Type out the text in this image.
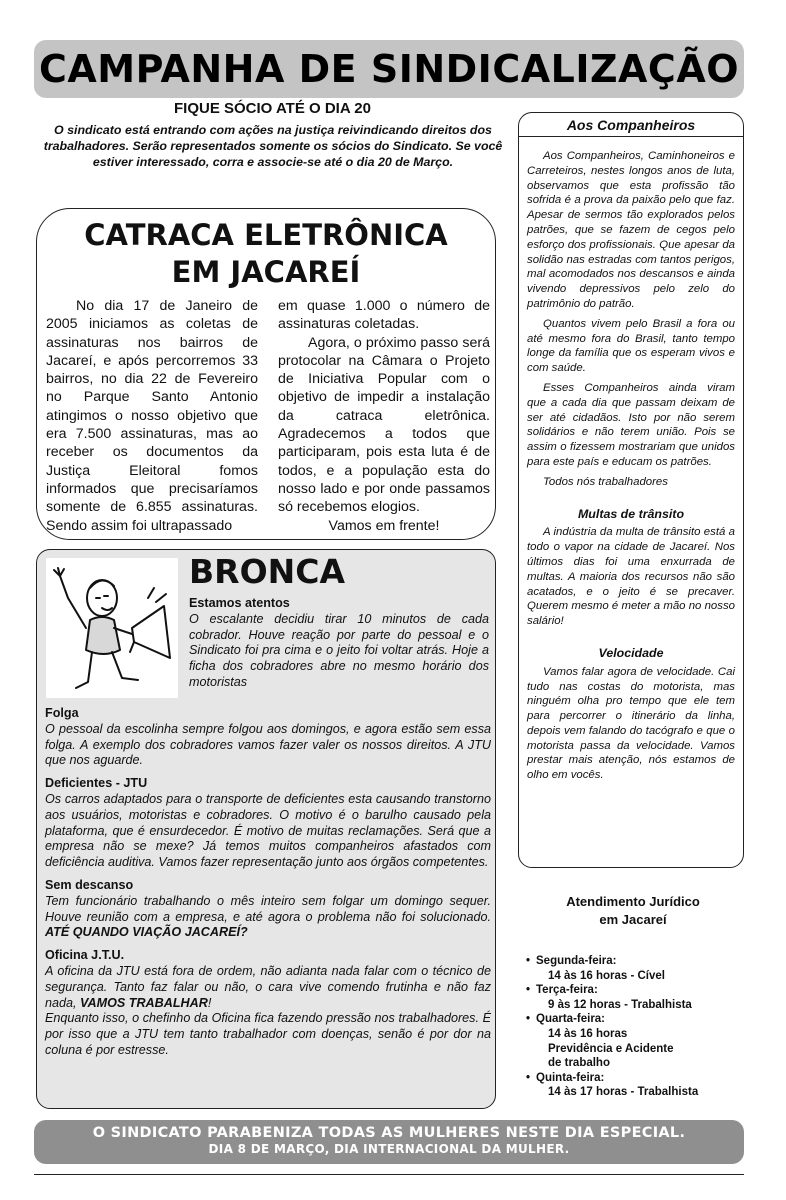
CAMPANHA DE SINDICALIZAÇÃO
FIQUE SÓCIO ATÉ O DIA 20
O sindicato está entrando com ações na justiça reivindicando direitos dos trabalhadores. Serão representados somente os sócios do Sindicato. Se você estiver interessado, corra e associe-se até o dia 20 de Março.
CATRACA ELETRÔNICA
EM JACAREÍ

No dia 17 de Janeiro de 2005 iniciamos as coletas de assinaturas nos bairros de Jacareí, e após percorremos 33 bairros, no dia 22 de Fevereiro no Parque Santo Antonio atingimos o nosso objetivo que era 7.500 assinaturas, mas ao receber os documentos da Justiça Eleitoral fomos informados que precisaríamos somente de 6.855 assinaturas. Sendo assim foi ultrapassado

em quase 1.000 o número de assinaturas coletadas.

Agora, o próximo passo será protocolar na Câmara o Projeto de Iniciativa Popular com o objetivo de impedir a instalação da catraca eletrônica. Agradecemos a todos que participaram, pois esta luta é de todos, e a população esta do nosso lado e por onde passamos só recebemos elogios.

Vamos em frente!

Aos Companheiros

Aos Companheiros, Caminhoneiros e Carreteiros, nestes longos anos de luta, observamos que esta profissão tão sofrida é a prova da paixão pelo que faz. Apesar de sermos tão explorados pelos patrões, que se fazem de cegos pelo esforço dos profissionais. Que apesar da solidão nas estradas com tantos perigos, mal acomodados nos descansos e ainda vivendo depressivos pelo zelo do patrimônio do patrão.

Quantos vivem pelo Brasil a fora ou até mesmo fora do Brasil, tanto tempo longe da família que os esperam vivos e com saúde.

Esses Companheiros ainda viram que a cada dia que passam deixam de ser até cidadãos. Isto por não serem solidários e não terem união. Pois se assim o fizessem mostrariam que unidos para este país e educam os patrões.

Todos nós trabalhadores

Multas de trânsito

A indústria da multa de trânsito está a todo o vapor na cidade de Jacareí. Nos últimos dias foi uma enxurrada de multas. A maioria dos recursos não são acatados, e o jeito é se precaver. Querem mesmo é meter a mão no nosso salário!

Velocidade

Vamos falar agora de velocidade. Cai tudo nas costas do motorista, mas ninguém olha pro tempo que ele tem para percorrer o itinerário da linha, depois vem falando do tacógrafo e que o motorista passa da velocidade. Vamos prestar mais atenção, nós estamos de olho em vocês.

BRONCA
Estamos atentos
O escalante decidiu tirar 10 minutos de cada cobrador. Houve reação por parte do pessoal e o Sindicato foi pra cima e o jeito foi voltar atrás. Hoje a ficha dos cobradores abre no mesmo horário dos motoristas
Folga
O pessoal da escolinha sempre folgou aos domingos, e agora estão sem essa folga. A exemplo dos cobradores vamos fazer valer os nossos direitos. A JTU que nos aguarde.
Deficientes - JTU
Os carros adaptados para o transporte de deficientes esta causando transtorno aos usuários, motoristas e cobradores. O motivo é o barulho causado pela plataforma, que é ensurdecedor. É motivo de muitas reclamações. Será que a empresa não se mexe? Já temos muitos companheiros afastados com deficiência auditiva. Vamos fazer representação junto aos órgãos competentes.
Sem descanso
Tem funcionário trabalhando o mês inteiro sem folgar um domingo sequer. Houve reunião com a empresa, e até agora o problema não foi solucionado. ATÉ QUANDO VIAÇÃO JACAREÍ?
Oficina J.T.U.
A oficina da JTU está fora de ordem, não adianta nada falar com o técnico de segurança. Tanto faz falar ou não, o cara vive comendo frutinha e não faz nada, VAMOS TRABALHAR!
Enquanto isso, o chefinho da Oficina fica fazendo pressão nos trabalhadores. É por isso que a JTU tem tanto trabalhador com doenças, senão é por dor na coluna é por estresse.
Atendimento Jurídico
em Jacareí
• Segunda-feira:
14 às 16 horas - Cível
• Terça-feira:
9 às 12 horas - Trabalhista
• Quarta-feira:
14 às 16 horas
Previdência e Acidente
de trabalho
• Quinta-feira:
14 às 17 horas - Trabalhista
O SINDICATO PARABENIZA TODAS AS MULHERES NESTE DIA ESPECIAL.
DIA 8 DE MARÇO, DIA INTERNACIONAL DA MULHER.
